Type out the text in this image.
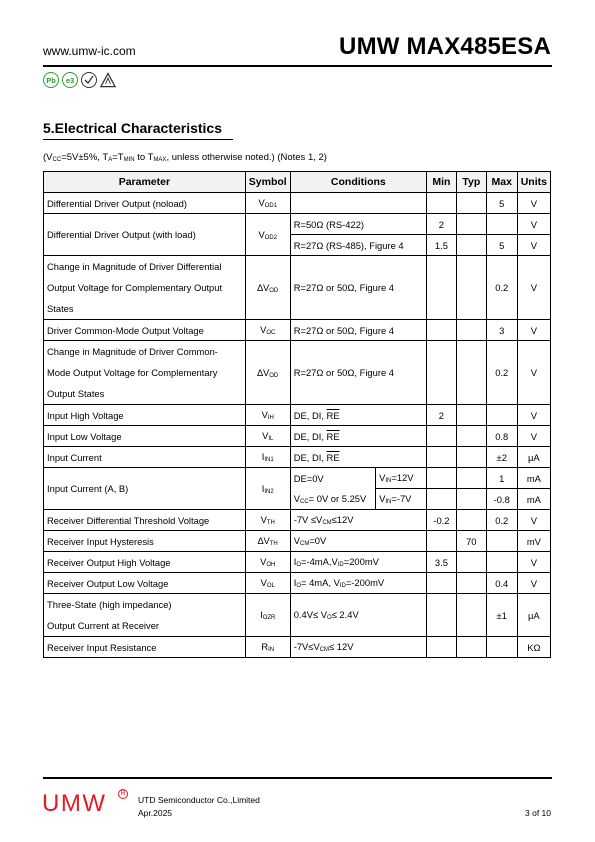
www.umw-ic.com	UMW MAX485ESA
Pb	e3
5.Electrical Characteristics
($V_{CC}=5V\pm 5\%$, $T_A=T_{MIN}$ to $T_{MAX}$, unless otherwise noted.) (Notes 1, 2)
Parameter	Symbol	Conditions		Min	Typ	Max	Units
Differential Driver Output (noload)	$V_{OD1}$					5	V
Differential Driver Output (with load)	$V_{OD2}$	R=50Ω (RS-422)		2			V
		R=27Ω (RS-485), Figure 4		1.5		5	V

Change in Magnitude of Driver Differential
Output Voltage for Complementary Output
States	$\Delta V_{OD}$	R=27Ω or 50Ω, Figure 4				0.2	V
Driver Common-Mode Output Voltage	$V_{OC}$	R=27Ω or 50Ω, Figure 4				3	V

Change in Magnitude of Driver Common-
Mode Output Voltage for Complementary
Output States	$\Delta V_{OD}$	R=27Ω or 50Ω, Figure 4				0.2	V
Input High Voltage	$V_{IH}$	DE, DI, $\overline{RE}$		2			V
Input Low Voltage	$V_{IL}$	DE, DI, $\overline{RE}$				0.8	V
Input Current	$I_{IN1}$	DE, DI, $\overline{RE}$				±2	μA
Input Current (A, B)	$I_{IN2}$	DE=0V	$V_{IN}=12V$			1	mA
		$V_{CC}= 0V$ or 5.25V	$V_{IN}=-7V$			-0.8	mA
Receiver Differential Threshold Voltage	$V_{TH}$	$-7V \le V_{CM}\le 12V$		-0.2		0.2	V
Receiver Input Hysteresis	$\Delta V_{TH}$	$V_{CM}=0V$			70		mV
Receiver Output High Voltage	$V_{OH}$	$I_O=-4mA,V_{ID}=200mV$		3.5			V
Receiver Output Low Voltage	$V_{OL}$	$I_O= 4mA$, $V_{ID}=-200mV$				0.4	V

Three-State (high impedance)
Output Current at Receiver	$I_{OZR}$	$0.4V\le V_O\le 2.4V$				±1	μA
Receiver Input Resistance	$R_{IN}$	$-7V\le V_{CM}\le 12V$					KΩ
UMW	R
UTD Semiconductor Co.,Limited
Apr.2025	3 of 10
